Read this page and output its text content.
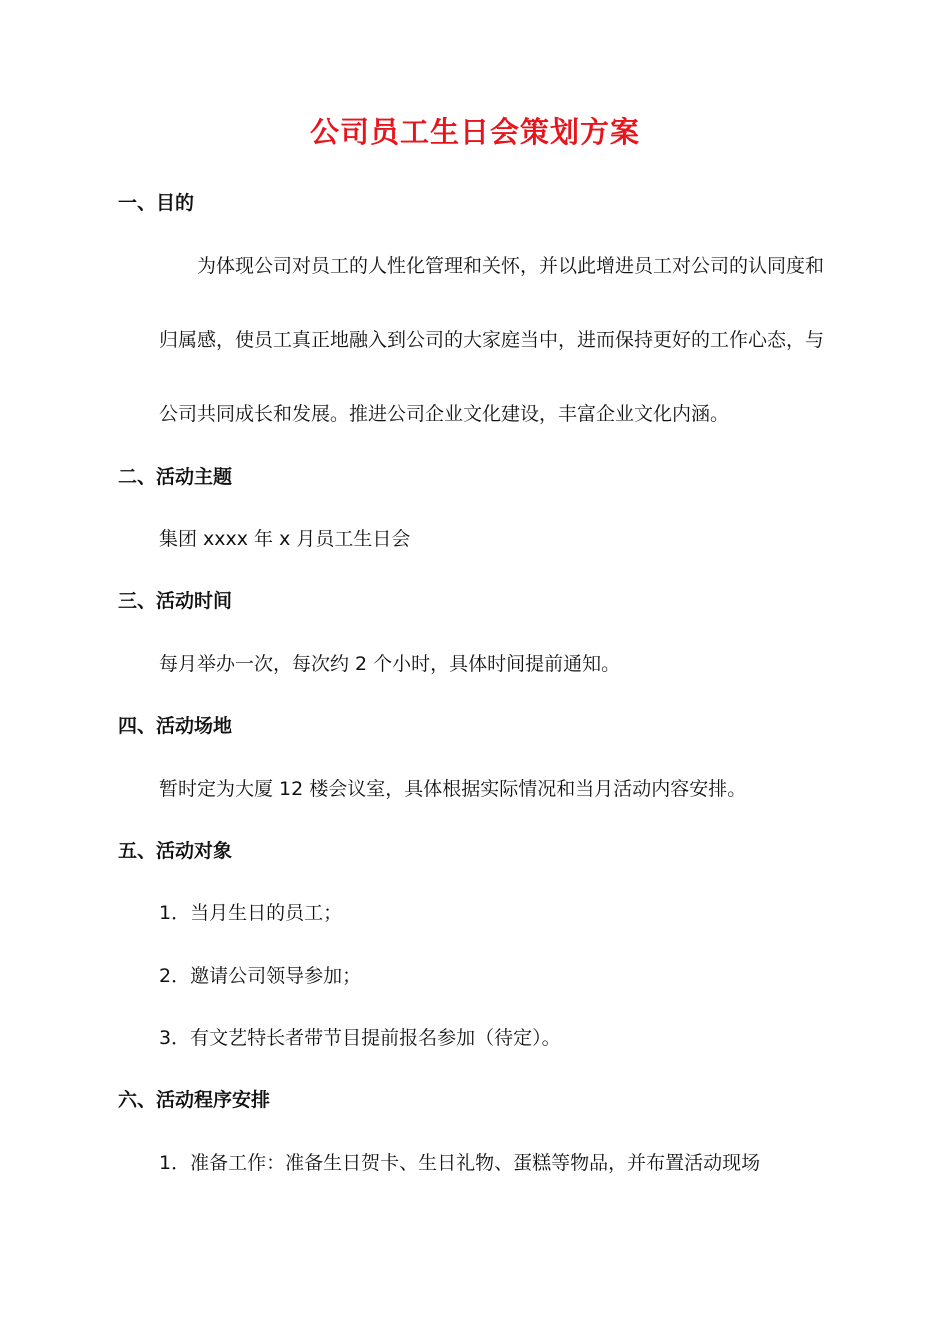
公司员工生日会策划方案
一、目的
为体现公司对员工的人性化管理和关怀，并以此增进员工对公司的认同度和
归属感，使员工真正地融入到公司的大家庭当中，进而保持更好的工作心态，与
公司共同成长和发展。推进公司企业文化建设，丰富企业文化内涵。
二、活动主题
集团 xxxx 年 x 月员工生日会
三、活动时间
每月举办一次，每次约 2 个小时，具体时间提前通知。
四、活动场地
暂时定为大厦 12 楼会议室，具体根据实际情况和当月活动内容安排。
五、活动对象
1．当月生日的员工；
2．邀请公司领导参加；
3．有文艺特长者带节目提前报名参加（待定）。
六、活动程序安排
1．准备工作：准备生日贺卡、生日礼物、蛋糕等物品，并布置活动现场
